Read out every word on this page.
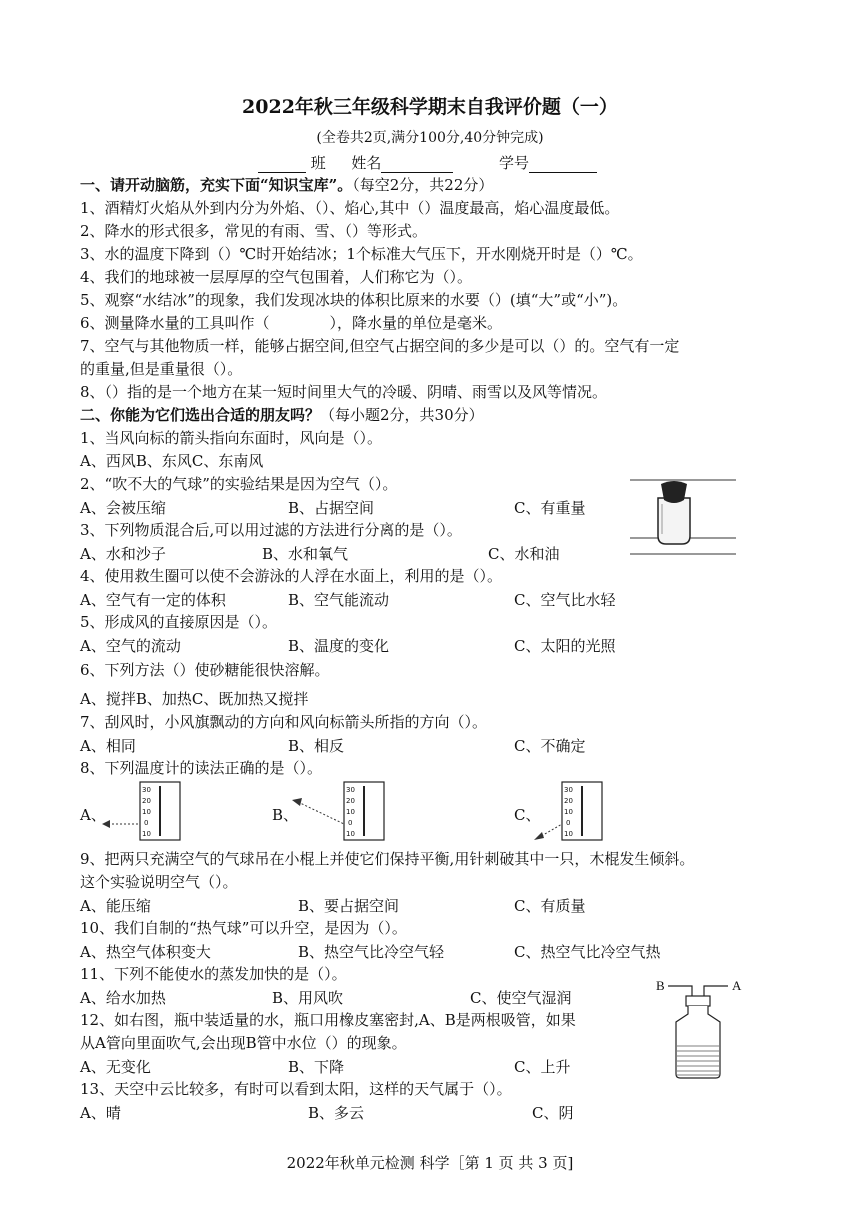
2022年秋三年级科学期末自我评价题（一）
(全卷共2页,满分100分,40分钟完成)
班 姓名	学号
一、请开动脑筋，充实下面“知识宝库”。（每空2分，共22分）
1、酒精灯火焰从外到内分为外焰、（）、焰心,其中（）温度最高，焰心温度最低。
2、降水的形式很多，常见的有雨、雪、（）等形式。
3、水的温度下降到（）℃时开始结冰；1个标准大气压下，开水刚烧开时是（）℃。
4、我们的地球被一层厚厚的空气包围着，人们称它为（）。
5、观察“水结冰”的现象，我们发现冰块的体积比原来的水要（）(填“大”或“小”)。
6、测量降水量的工具叫作（　　　　），降水量的单位是毫米。
7、空气与其他物质一样，能够占据空间,但空气占据空间的多少是可以（）的。空气有一定
的重量,但是重量很（）。
8、（）指的是一个地方在某一短时间里大气的冷暖、阴晴、雨雪以及风等情况。
二、你能为它们选出合适的朋友吗？（每小题2分，共30分）
1、当风向标的箭头指向东面时，风向是（）。
A、西风B、东风C、东南风
2、“吹不大的气球”的实验结果是因为空气（）。
A、会被压缩	B、占据空间	C、有重量
3、下列物质混合后,可以用过滤的方法进行分离的是（）。
A、水和沙子	B、水和氧气	C、水和油
4、使用救生圈可以使不会游泳的人浮在水面上，利用的是（）。
A、空气有一定的体积	B、空气能流动	C、空气比水轻
5、形成风的直接原因是（）。
A、空气的流动	B、温度的变化	C、太阳的光照
6、下列方法（）使砂糖能很快溶解。
A、搅拌B、加热C、既加热又搅拌
7、刮风时，小风旗飘动的方向和风向标箭头所指的方向（）。
A、相同	B、相反	C、不确定
8、下列温度计的读法正确的是（）。
A、
30
20
10
0
10
B、
30
20
10
0
10
C、
30
20
10
0
10
9、把两只充满空气的气球吊在小棍上并使它们保持平衡,用针刺破其中一只，木棍发生倾斜。
这个实验说明空气（）。
A、能压缩	B、要占据空间	C、有质量
10、我们自制的“热气球”可以升空，是因为（）。
A、热空气体积变大	B、热空气比冷空气轻	C、热空气比冷空气热
11、下列不能使水的蒸发加快的是（）。
A、给水加热	B、用风吹	C、使空气湿润
12、如右图，瓶中装适量的水，瓶口用橡皮塞密封,A、B是两根吸管，如果
从A管向里面吹气,会出现B管中水位（）的现象。
A、无变化	B、下降	C、上升
B	A
13、天空中云比较多，有时可以看到太阳，这样的天气属于（）。
A、晴	B、多云	C、阴
2022年秋单元检测 科学［第 1 页 共 3 页]
